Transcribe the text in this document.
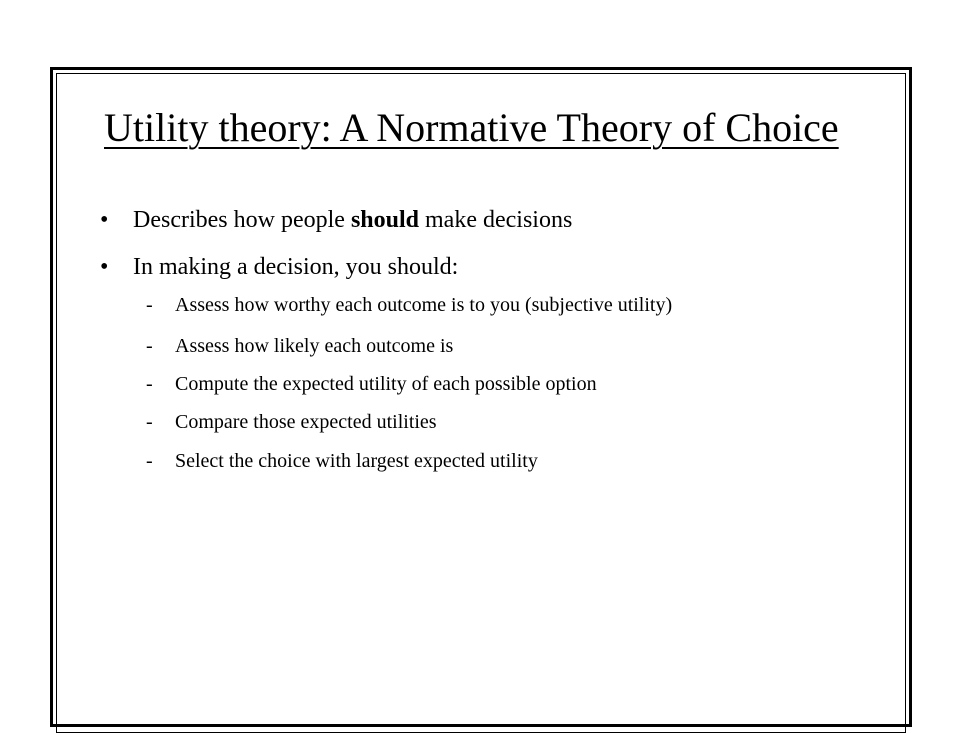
Utility theory: A Normative Theory of Choice
• Describes how people should make decisions
• In making a decision, you should:
- Assess how worthy each outcome is to you (subjective utility)
- Assess how likely each outcome is
- Compute the expected utility of each possible option
- Compare those expected utilities
- Select the choice with largest expected utility
